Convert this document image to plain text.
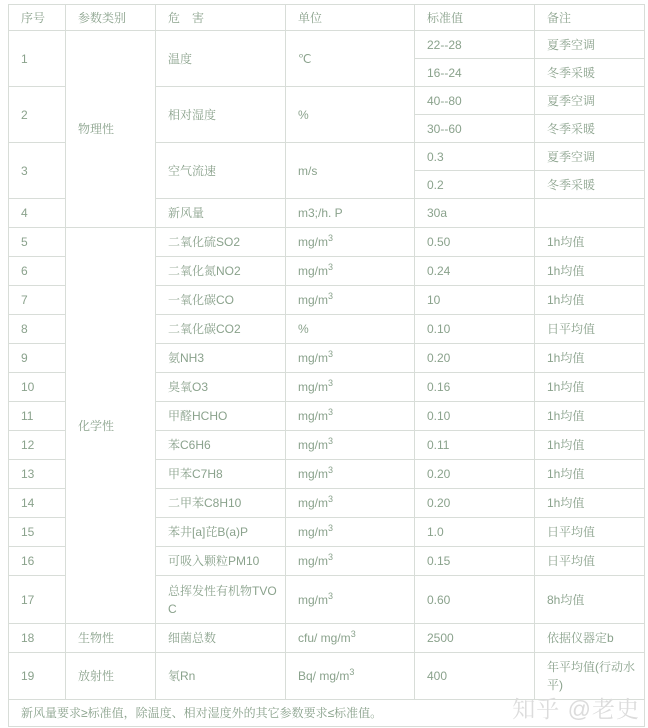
序号	参数类别	危　害	单位	标准值	备注
1	物理性	温度	℃	22--28	夏季空调
				16--24	冬季采暖
2		相对湿度	%	40--80	夏季空调
				30--60	冬季采暖
3		空气流速	m/s	0.3	夏季空调
				0.2	冬季采暖
4		新风量	m3;/h. P	30a	
5	化学性	二氧化硫SO2	$mg/m^3$	0.50	1h均值
6		二氧化氮NO2	$mg/m^3$	0.24	1h均值
7		一氧化碳CO	$mg/m^3$	10	1h均值
8		二氧化碳CO2	%	0.10	日平均值
9		氨NH3	$mg/m^3$	0.20	1h均值
10		臭氧O3	$mg/m^3$	0.16	1h均值
11		甲醛HCHO	$mg/m^3$	0.10	1h均值
12		苯C6H6	$mg/m^3$	0.11	1h均值
13		甲苯C7H8	$mg/m^3$	0.20	1h均值
14		二甲苯C8H10	$mg/m^3$	0.20	1h均值
15		苯井[a]芘B(a)P	$mg/m^3$	1.0	日平均值
16		可吸入颗粒PM10	$mg/m^3$	0.15	日平均值
17		总挥发性有机物TVOC	$mg/m^3$	0.60	8h均值
18	生物性	细菌总数	cfu/ $mg/m^3$	2500	依据仪器定b
19	放射性	氡Rn	Bq/ $mg/m^3$	400	年平均值(行动水平)
新风量要求≥标准值，除温度、相对湿度外的其它参数要求≤标准值。						知乎 @老史
